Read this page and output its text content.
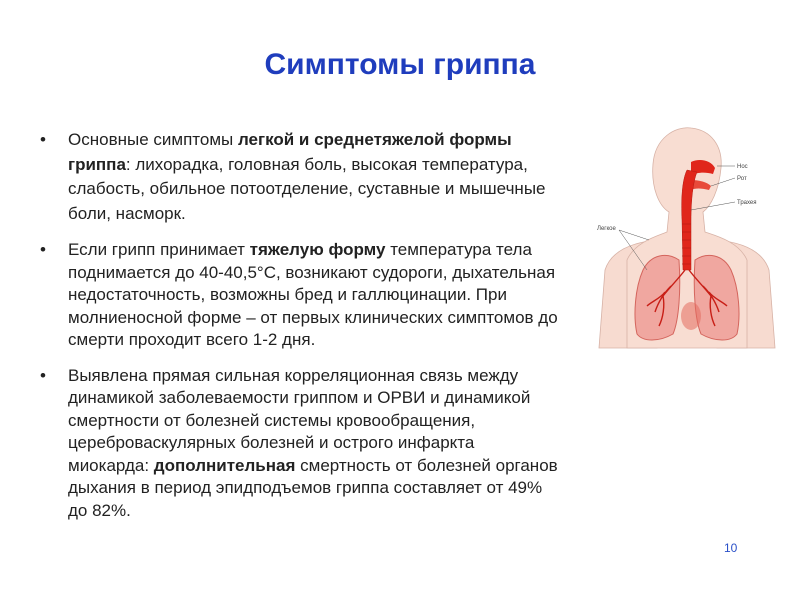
Симптомы гриппа
• Основные симптомы легкой и среднетяжелой формы гриппа: лихорадка, головная боль, высокая температура, слабость, обильное потоотделение, суставные и мышечные боли, насморк.
• Если грипп принимает тяжелую форму температура тела поднимается до 40-40,5°С, возникают судороги, дыхательная недостаточность, возможны бред и галлюцинации. При молниеносной форме – от первых клинических симптомов до смерти проходит всего 1-2 дня.
• Выявлена прямая сильная корреляционная связь между динамикой заболеваемости гриппом и ОРВИ и динамикой смертности от болезней системы кровообращения, цереброваскулярных болезней и острого инфаркта миокарда: дополнительная смертность от болезней органов дыхания в период эпидподъемов гриппа составляет от 49% до 82%.
Нос
Рот
Трахея
Легкое
10
